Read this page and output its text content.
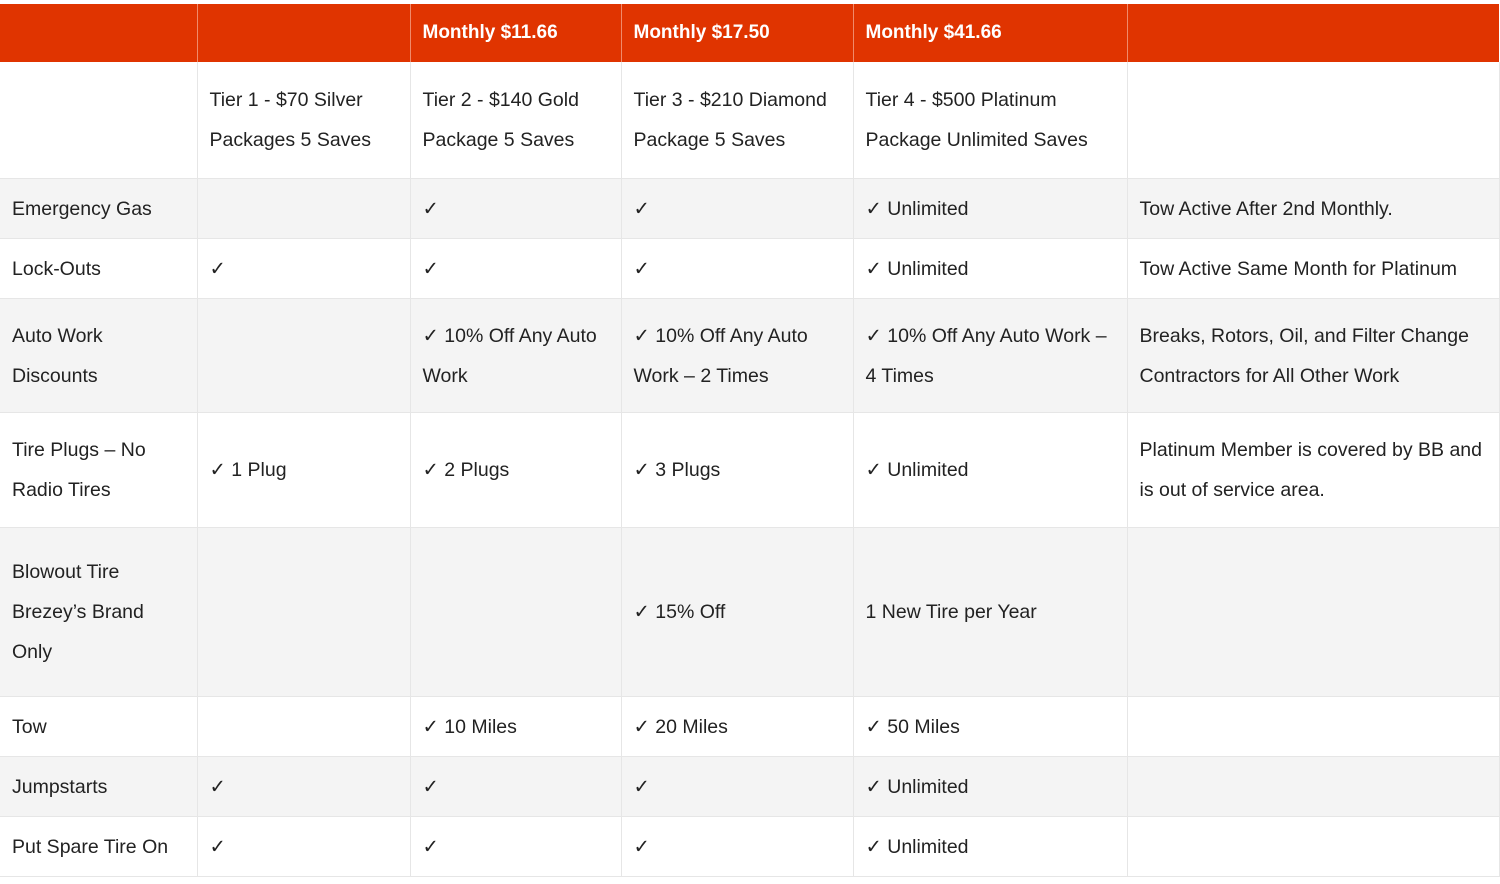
		Monthly $11.66	Monthly $17.50	Monthly $41.66	
	Tier 1 - $70 Silver Packages 5 Saves	Tier 2 - $140 Gold Package 5 Saves	Tier 3 - $210 Diamond Package 5 Saves	Tier 4 - $500 Platinum Package Unlimited Saves	
Emergency Gas		✓	✓	✓ Unlimited	Tow Active After 2nd Monthly.
Lock-Outs	✓	✓	✓	✓ Unlimited	Tow Active Same Month for Platinum
Auto Work Discounts		✓ 10% Off Any Auto Work	✓ 10% Off Any Auto Work – 2 Times	✓ 10% Off Any Auto Work – 4 Times	Breaks, Rotors, Oil, and Filter Change Contractors for All Other Work
Tire Plugs – No Radio Tires	✓ 1 Plug	✓ 2 Plugs	✓ 3 Plugs	✓ Unlimited	Platinum Member is covered by BB and is out of service area.
Blowout Tire Brezey’s Brand Only			✓ 15% Off	1 New Tire per Year	
Tow		✓ 10 Miles	✓ 20 Miles	✓ 50 Miles	
Jumpstarts	✓	✓	✓	✓ Unlimited	
Put Spare Tire On	✓	✓	✓	✓ Unlimited	
